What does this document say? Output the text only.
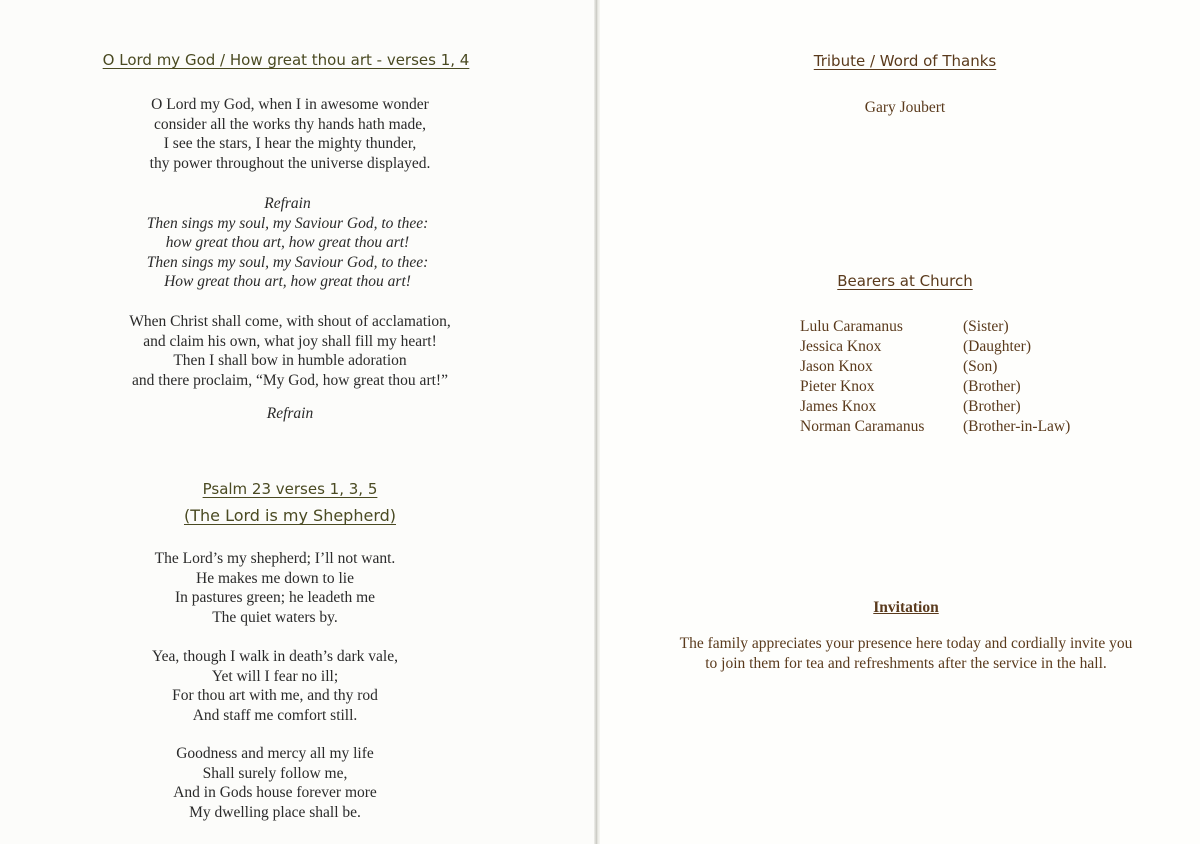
O Lord my God / How great thou art - verses 1, 4
O Lord my God, when I in awesome wonder
consider all the works thy hands hath made,
I see the stars, I hear the mighty thunder,
thy power throughout the universe displayed.
Refrain
Then sings my soul, my Saviour God, to thee:
how great thou art, how great thou art!
Then sings my soul, my Saviour God, to thee:
How great thou art, how great thou art!
When Christ shall come, with shout of acclamation,
and claim his own, what joy shall fill my heart!
Then I shall bow in humble adoration
and there proclaim, “My God, how great thou art!”
Refrain
Psalm 23 verses 1, 3, 5
(The Lord is my Shepherd)
The Lord’s my shepherd; I’ll not want.
He makes me down to lie
In pastures green; he leadeth me
The quiet waters by.
Yea, though I walk in death’s dark vale,
Yet will I fear no ill;
For thou art with me, and thy rod
And staff me comfort still.
Goodness and mercy all my life
Shall surely follow me,
And in Gods house forever more
My dwelling place shall be.
Tribute / Word of Thanks
Gary Joubert
Bearers at Church
Lulu Caramanus	(Sister)
Jessica Knox	(Daughter)
Jason Knox	(Son)
Pieter Knox	(Brother)
James Knox	(Brother)
Norman Caramanus (Brother-in-Law)
Invitation
The family appreciates your presence here today and cordially invite you
to join them for tea and refreshments after the service in the hall.
